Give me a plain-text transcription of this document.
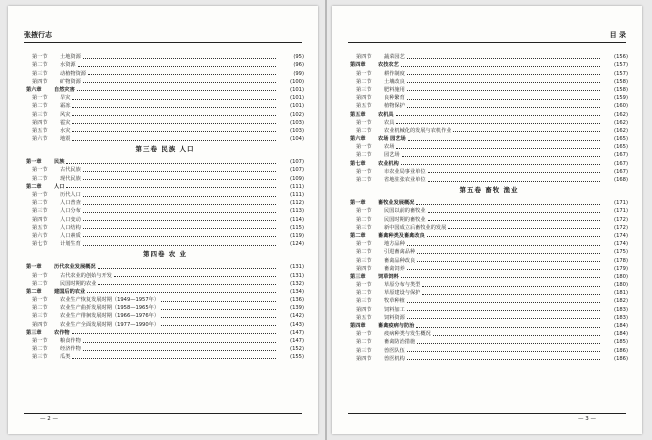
张掖行志
第一节	土地资源	(95)
第二节	水资源	(96)
第三节	动植物资源	(99)
第四节	矿物资源	(100)
第六章	自然灾害	(101)
第一节	旱灾	(101)
第二节	霜冻	(101)
第三节	风灾	(102)
第四节	雹灾	(103)
第五节	水灾	(103)
第六节	地震	(104)
第三卷 民族 人口
第一章	民族	(107)
第一节	古代民族	(107)
第二节	现代民族	(109)
第二章	人口	(111)
第一节	历代人口	(111)
第二节	人口普查	(112)
第三节	人口分布	(113)
第四节	人口变动	(114)
第五节	人口结构	(115)
第六节	人口素质	(119)
第七节	计划生育	(124)
第四卷 农 业
第一章	历代农业发展概况	(131)
第一节	古代农业的创始与开发	(131)
第二节	民国时期的农业	(132)
第二章	建国后的农业	(134)
第一节	农业生产恢复发展时期（1949—1957年）	(136)
第二节	农业生产曲折发展时期（1958—1965年）	(139)
第三节	农业生产徘徊发展时期（1966—1976年）	(142)
第四节	农业生产全面发展时期（1977—1990年）	(143)
第三章	农作物	(147)
第一节	粮食作物	(147)
第二节	经济作物	(152)
第三节	瓜类	(155)
— 2 —
目 录
第四节	蔬菜园艺	(156)
第四章	农技农艺	(157)
第一节	耕作制度	(157)
第二节	土壤改良	(158)
第三节	肥料施用	(158)
第四节	良种繁育	(159)
第五节	植物保护	(160)
第五章	农机具	(162)
第一节	农具	(162)
第二节	农业机械化的发展与农机作业	(162)
第六章	农场 园艺场	(165)
第一节	农场	(165)
第二节	园艺场	(167)
第七章	农业机构	(167)
第一节	市农业局事业单位	(167)
第二节	省地驻张农业单位	(168)
第五卷 畜牧 渔业
第一章	畜牧业发展概况	(171)
第一节	民国以前的畜牧业	(171)
第二节	民国时期的畜牧业	(172)
第三节	新中国成立后畜牧业的发展	(172)
第二章	畜禽种类及畜禽改良	(174)
第一节	地方品种	(174)
第二节	引进畜禽品种	(175)
第三节	畜禽品种改良	(178)
第四节	畜禽饲养	(179)
第三章	饲草饲料	(180)
第一节	草原分布与类型	(180)
第二节	草原建设与保护	(181)
第三节	牧草种植	(182)
第四节	饲料加工	(183)
第五节	饲料资源	(183)
第四章	畜禽疫病与防治	(184)
第一节	疫病种类与发生概况	(184)
第二节	畜禽防治措施	(185)
第三节	兽医队伍	(186)
第四节	兽医机构	(186)
— 3 —
